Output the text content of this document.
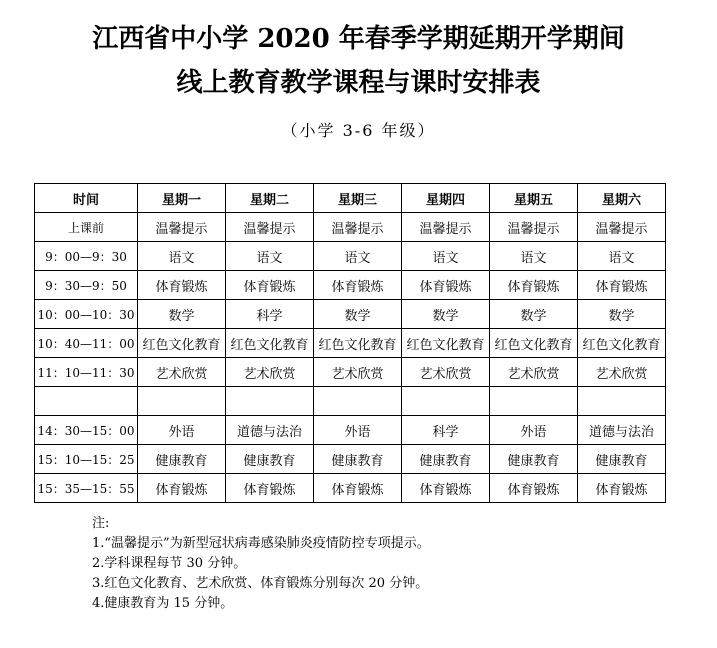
江西省中小学 2020 年春季学期延期开学期间
线上教育教学课程与课时安排表
（小学 3-6 年级）
时间	星期一	星期二	星期三	星期四	星期五	星期六
上课前	温馨提示	温馨提示	温馨提示	温馨提示	温馨提示	温馨提示
9：00—9：30	语文	语文	语文	语文	语文	语文
9：30—9：50	体育锻炼	体育锻炼	体育锻炼	体育锻炼	体育锻炼	体育锻炼
10：00—10：30	数学	科学	数学	数学	数学	数学
10：40—11：00	红色文化教育	红色文化教育	红色文化教育	红色文化教育	红色文化教育	红色文化教育
11：10—11：30	艺术欣赏	艺术欣赏	艺术欣赏	艺术欣赏	艺术欣赏	艺术欣赏

14：30—15：00	外语	道德与法治	外语	科学	外语	道德与法治
15：10—15：25	健康教育	健康教育	健康教育	健康教育	健康教育	健康教育
15：35—15：55	体育锻炼	体育锻炼	体育锻炼	体育锻炼	体育锻炼	体育锻炼
注:
1.“温馨提示”为新型冠状病毒感染肺炎疫情防控专项提示。
2.学科课程每节 30 分钟。
3.红色文化教育、艺术欣赏、体育锻炼分别每次 20 分钟。
4.健康教育为 15 分钟。
